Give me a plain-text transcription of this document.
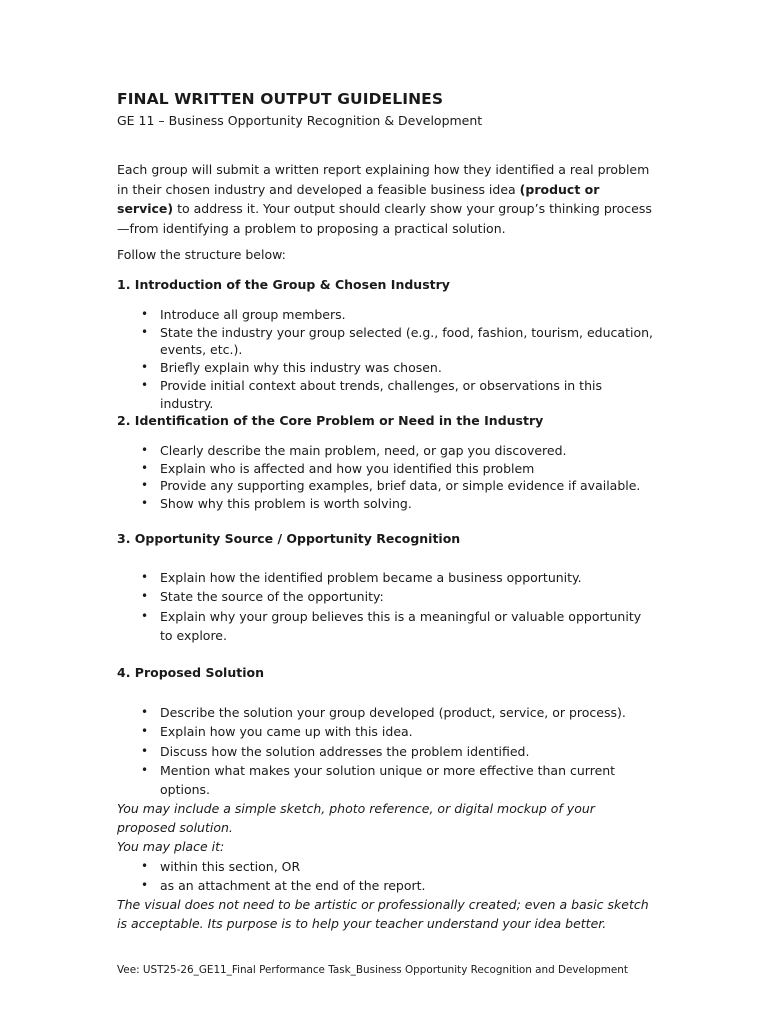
FINAL WRITTEN OUTPUT GUIDELINES

GE 11 – Business Opportunity Recognition & Development

Each group will submit a written report explaining how they identified a real problem in their chosen industry and developed a feasible business idea (product or service) to address it. Your output should clearly show your group’s thinking process—from identifying a problem to proposing a practical solution.

Follow the structure below:

1. Introduction of the Group & Chosen Industry
• Introduce all group members.
• State the industry your group selected (e.g., food, fashion, tourism, education, events, etc.).
• Briefly explain why this industry was chosen.
• Provide initial context about trends, challenges, or observations in this industry.
2. Identification of the Core Problem or Need in the Industry
• Clearly describe the main problem, need, or gap you discovered.
• Explain who is affected and how you identified this problem
• Provide any supporting examples, brief data, or simple evidence if available.
• Show why this problem is worth solving.
3. Opportunity Source / Opportunity Recognition
• Explain how the identified problem became a business opportunity.
• State the source of the opportunity:
• Explain why your group believes this is a meaningful or valuable opportunity to explore.
4. Proposed Solution
• Describe the solution your group developed (product, service, or process).
• Explain how you came up with this idea.
• Discuss how the solution addresses the problem identified.
• Mention what makes your solution unique or more effective than current options.

You may include a simple sketch, photo reference, or digital mockup of your proposed solution.

You may place it:

• within this section, OR
• as an attachment at the end of the report.

The visual does not need to be artistic or professionally created; even a basic sketch is acceptable. Its purpose is to help your teacher understand your idea better.

Vee: UST25-26_GE11_Final Performance Task_Business Opportunity Recognition and Development
